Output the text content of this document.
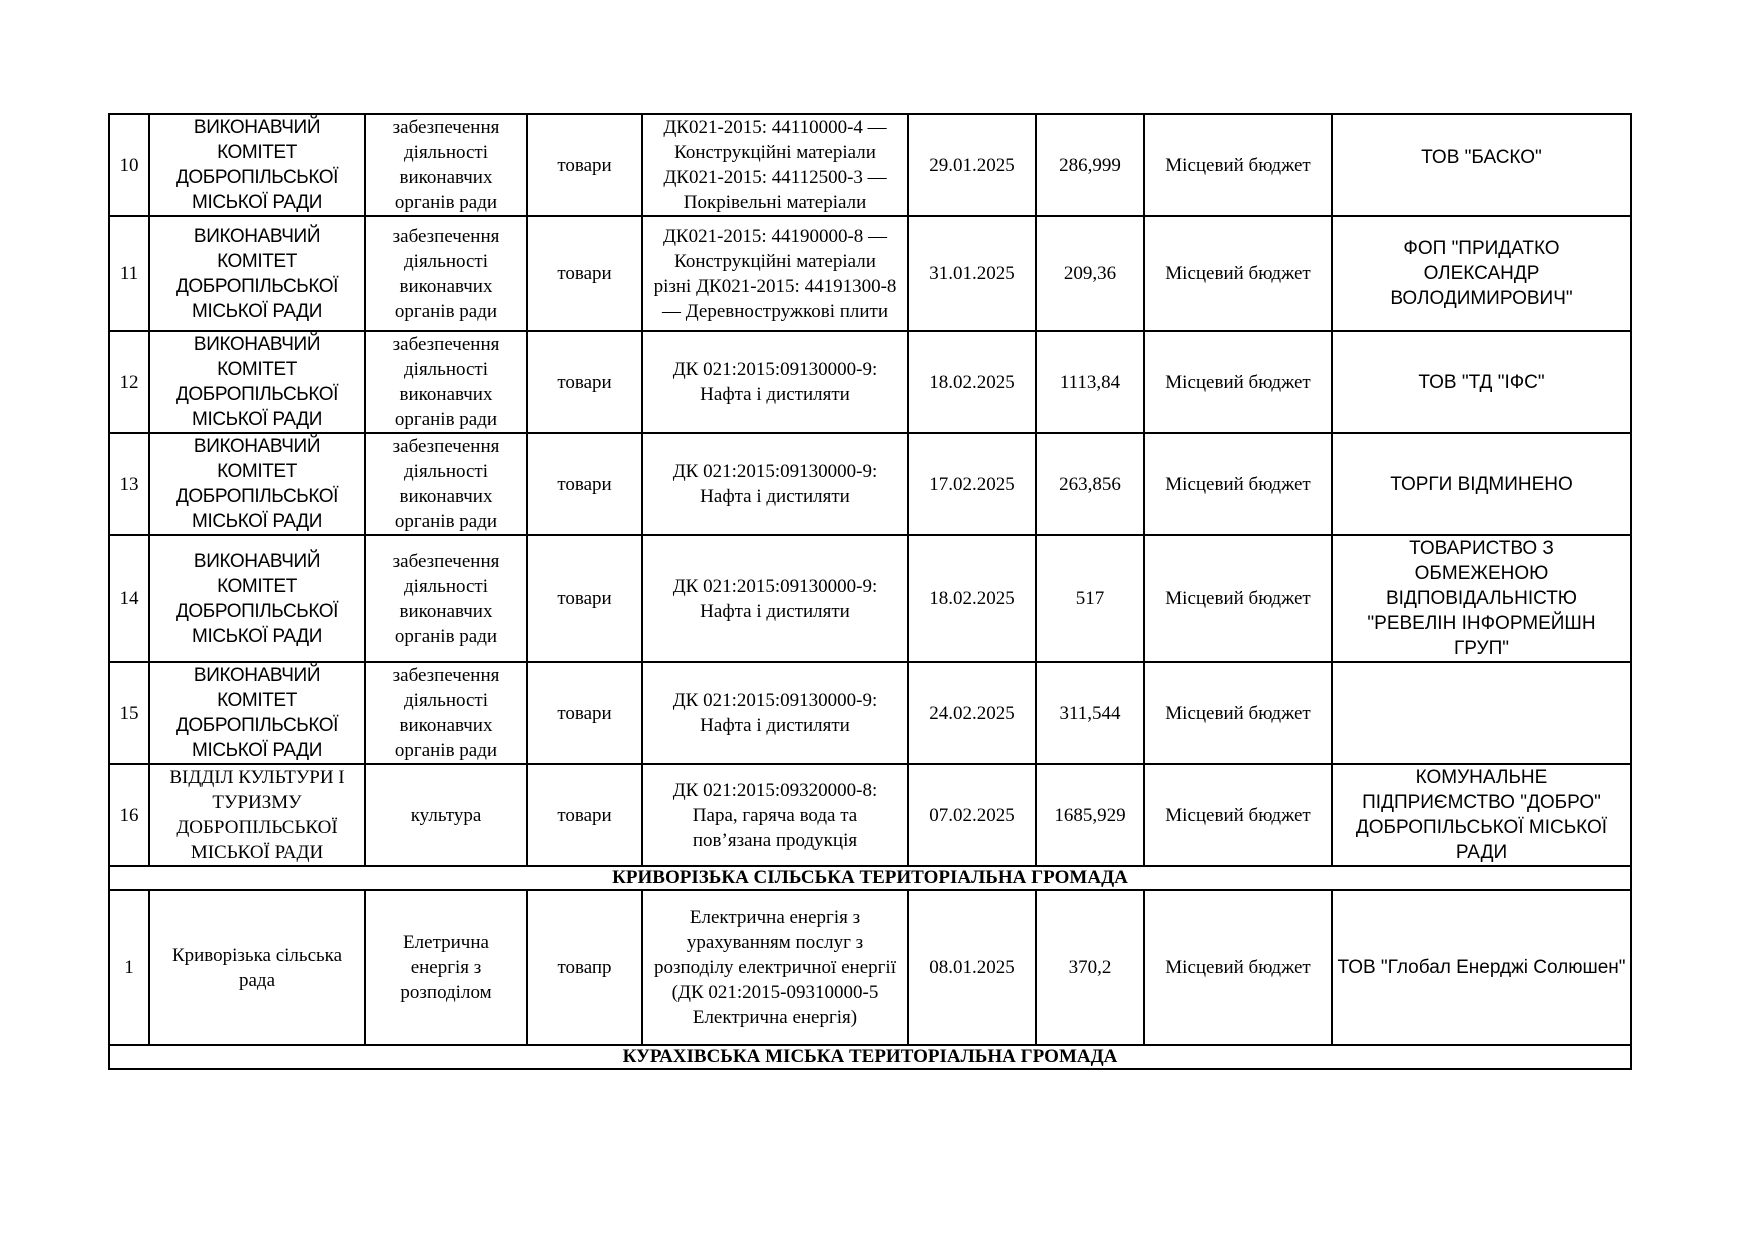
10	ВИКОНАВЧИЙ КОМІТЕТ
ДОБРОПІЛЬСЬКОЇ
МІСЬКОЇ РАДИ	забезпечення
діяльності
виконавчих
органів ради	товари	ДК021-2015: 44110000-4 —
Конструкційні матеріали
ДК021-2015: 44112500-3 —
Покрівельні матеріали	29.01.2025	286,999	Місцевий бюджет	ТОВ "БАСКО"

11	ВИКОНАВЧИЙ КОМІТЕТ
ДОБРОПІЛЬСЬКОЇ
МІСЬКОЇ РАДИ	забезпечення
діяльності
виконавчих
органів ради	товари	ДК021-2015: 44190000-8 —
Конструкційні матеріали
різні ДК021-2015: 44191300-8
— Деревностружкові плити	31.01.2025	209,36	Місцевий бюджет	ФОП "ПРИДАТКО
ОЛЕКСАНДР
ВОЛОДИМИРОВИЧ"

12	ВИКОНАВЧИЙ КОМІТЕТ
ДОБРОПІЛЬСЬКОЇ
МІСЬКОЇ РАДИ	забезпечення
діяльності
виконавчих
органів ради	товари	ДК 021:2015:09130000-9:
Нафта і дистиляти	18.02.2025	1113,84	Місцевий бюджет	ТОВ "ТД "ІФС"

13	ВИКОНАВЧИЙ КОМІТЕТ
ДОБРОПІЛЬСЬКОЇ
МІСЬКОЇ РАДИ	забезпечення
діяльності
виконавчих
органів ради	товари	ДК 021:2015:09130000-9:
Нафта і дистиляти	17.02.2025	263,856	Місцевий бюджет	ТОРГИ ВІДМИНЕНО

14	ВИКОНАВЧИЙ КОМІТЕТ
ДОБРОПІЛЬСЬКОЇ
МІСЬКОЇ РАДИ	забезпечення
діяльності
виконавчих
органів ради	товари	ДК 021:2015:09130000-9:
Нафта і дистиляти	18.02.2025	517	Місцевий бюджет	ТОВАРИСТВО З
ОБМЕЖЕНОЮ
ВІДПОВІДАЛЬНІСТЮ
"РЕВЕЛІН ІНФОРМЕЙШН
ГРУП"

15	ВИКОНАВЧИЙ КОМІТЕТ
ДОБРОПІЛЬСЬКОЇ
МІСЬКОЇ РАДИ	забезпечення
діяльності
виконавчих
органів ради	товари	ДК 021:2015:09130000-9:
Нафта і дистиляти	24.02.2025	311,544	Місцевий бюджет	
16	ВІДДІЛ КУЛЬТУРИ І
ТУРИЗМУ
ДОБРОПІЛЬСЬКОЇ
МІСЬКОЇ РАДИ	культура	товари	ДК 021:2015:09320000-8:
Пара, гаряча вода та
пов’язана продукція	07.02.2025	1685,929	Місцевий бюджет	КОМУНАЛЬНЕ
ПІДПРИЄМСТВО "ДОБРО"
ДОБРОПІЛЬСЬКОЇ МІСЬКОЇ
РАДИ

КРИВОРІЗЬКА СІЛЬСЬКА ТЕРИТОРІАЛЬНА ГРОМАДА								
1	Криворізька сільська
рада	Елетрична
енергія з
розподілом	товапр	Електрична енергія з
урахуванням послуг з
розподілу електричної енергії
(ДК 021:2015-09310000-5
Електрична енергія)	08.01.2025	370,2	Місцевий бюджет	ТОВ "Глобал Енерджі Солюшен"

КУРАХІВСЬКА МІСЬКА ТЕРИТОРІАЛЬНА ГРОМАДА								
